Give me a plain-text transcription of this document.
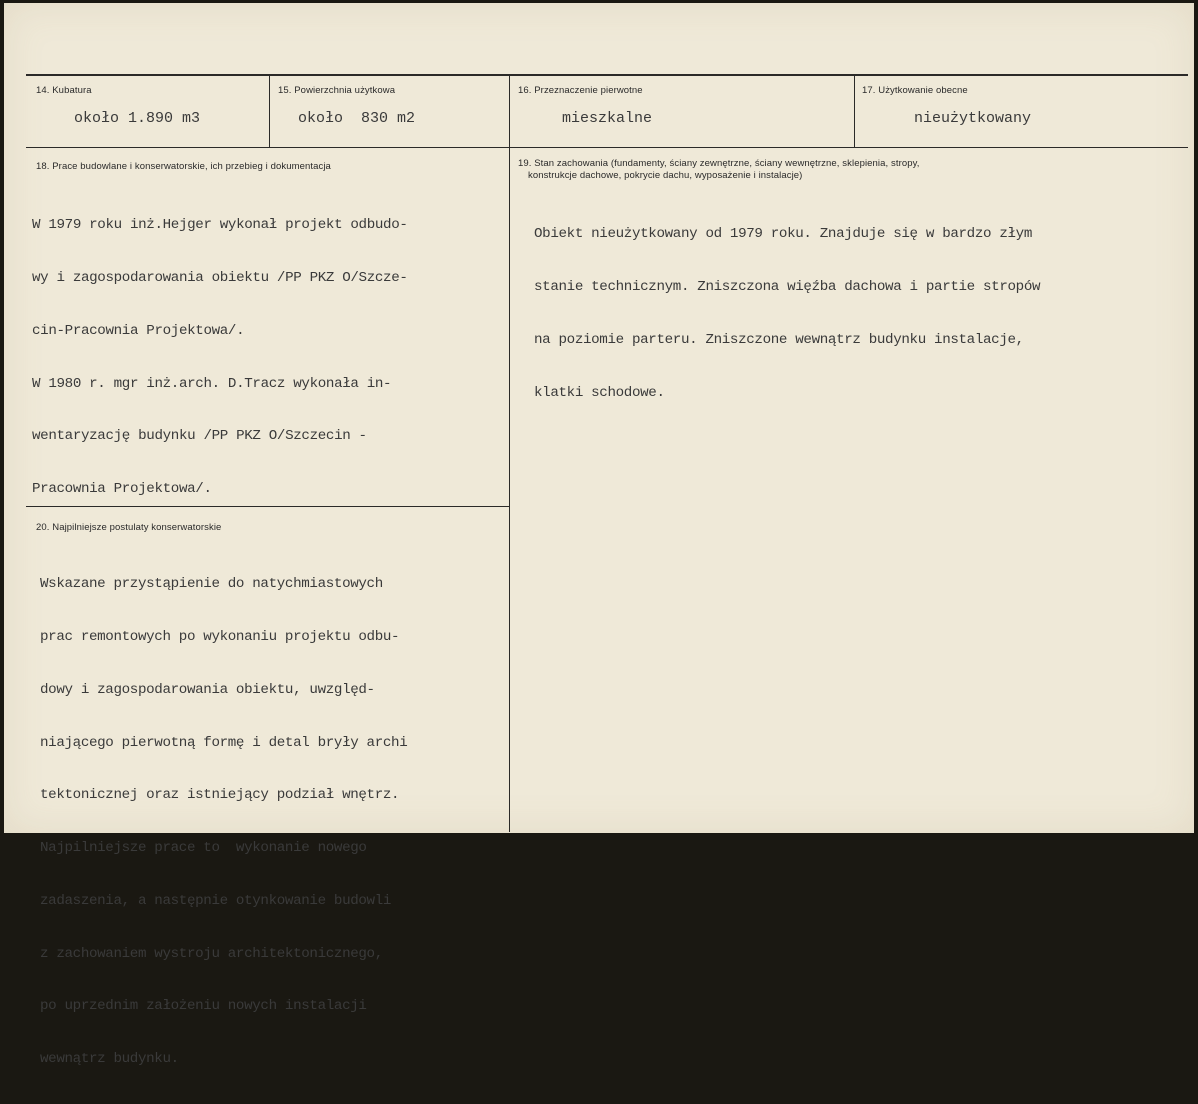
14. Kubatura
około 1.890 m3
15. Powierzchnia użytkowa
około  830 m2
16. Przeznaczenie pierwotne
mieszkalne
17. Użytkowanie obecne
nieużytkowany
18. Prace budowlane i konserwatorskie, ich przebieg i dokumentacja

W 1979 roku inż.Hejger wykonał projekt odbudo-

wy i zagospodarowania obiektu /PP PKZ O/Szcze-

cin-Pracownia Projektowa/.

W 1980 r. mgr inż.arch. D.Tracz wykonała in-

wentaryzację budynku /PP PKZ O/Szczecin -

Pracownia Projektowa/.

19. Stan zachowania (fundamenty, ściany zewnętrzne, ściany wewnętrzne, sklepienia, stropy,
konstrukcje dachowe, pokrycie dachu, wyposażenie i instalacje)

Obiekt nieużytkowany od 1979 roku. Znajduje się w bardzo złym

stanie technicznym. Zniszczona więźba dachowa i partie stropów

na poziomie parteru. Zniszczone wewnątrz budynku instalacje,

klatki schodowe.

20. Najpilniejsze postulaty konserwatorskie

Wskazane przystąpienie do natychmiastowych

prac remontowych po wykonaniu projektu odbu-

dowy i zagospodarowania obiektu, uwzględ-

niającego pierwotną formę i detal bryły archi

tektonicznej oraz istniejący podział wnętrz.

Najpilniejsze prace to  wykonanie nowego

zadaszenia, a następnie otynkowanie budowli

z zachowaniem wystroju architektonicznego,

po uprzednim założeniu nowych instalacji

wewnątrz budynku.
